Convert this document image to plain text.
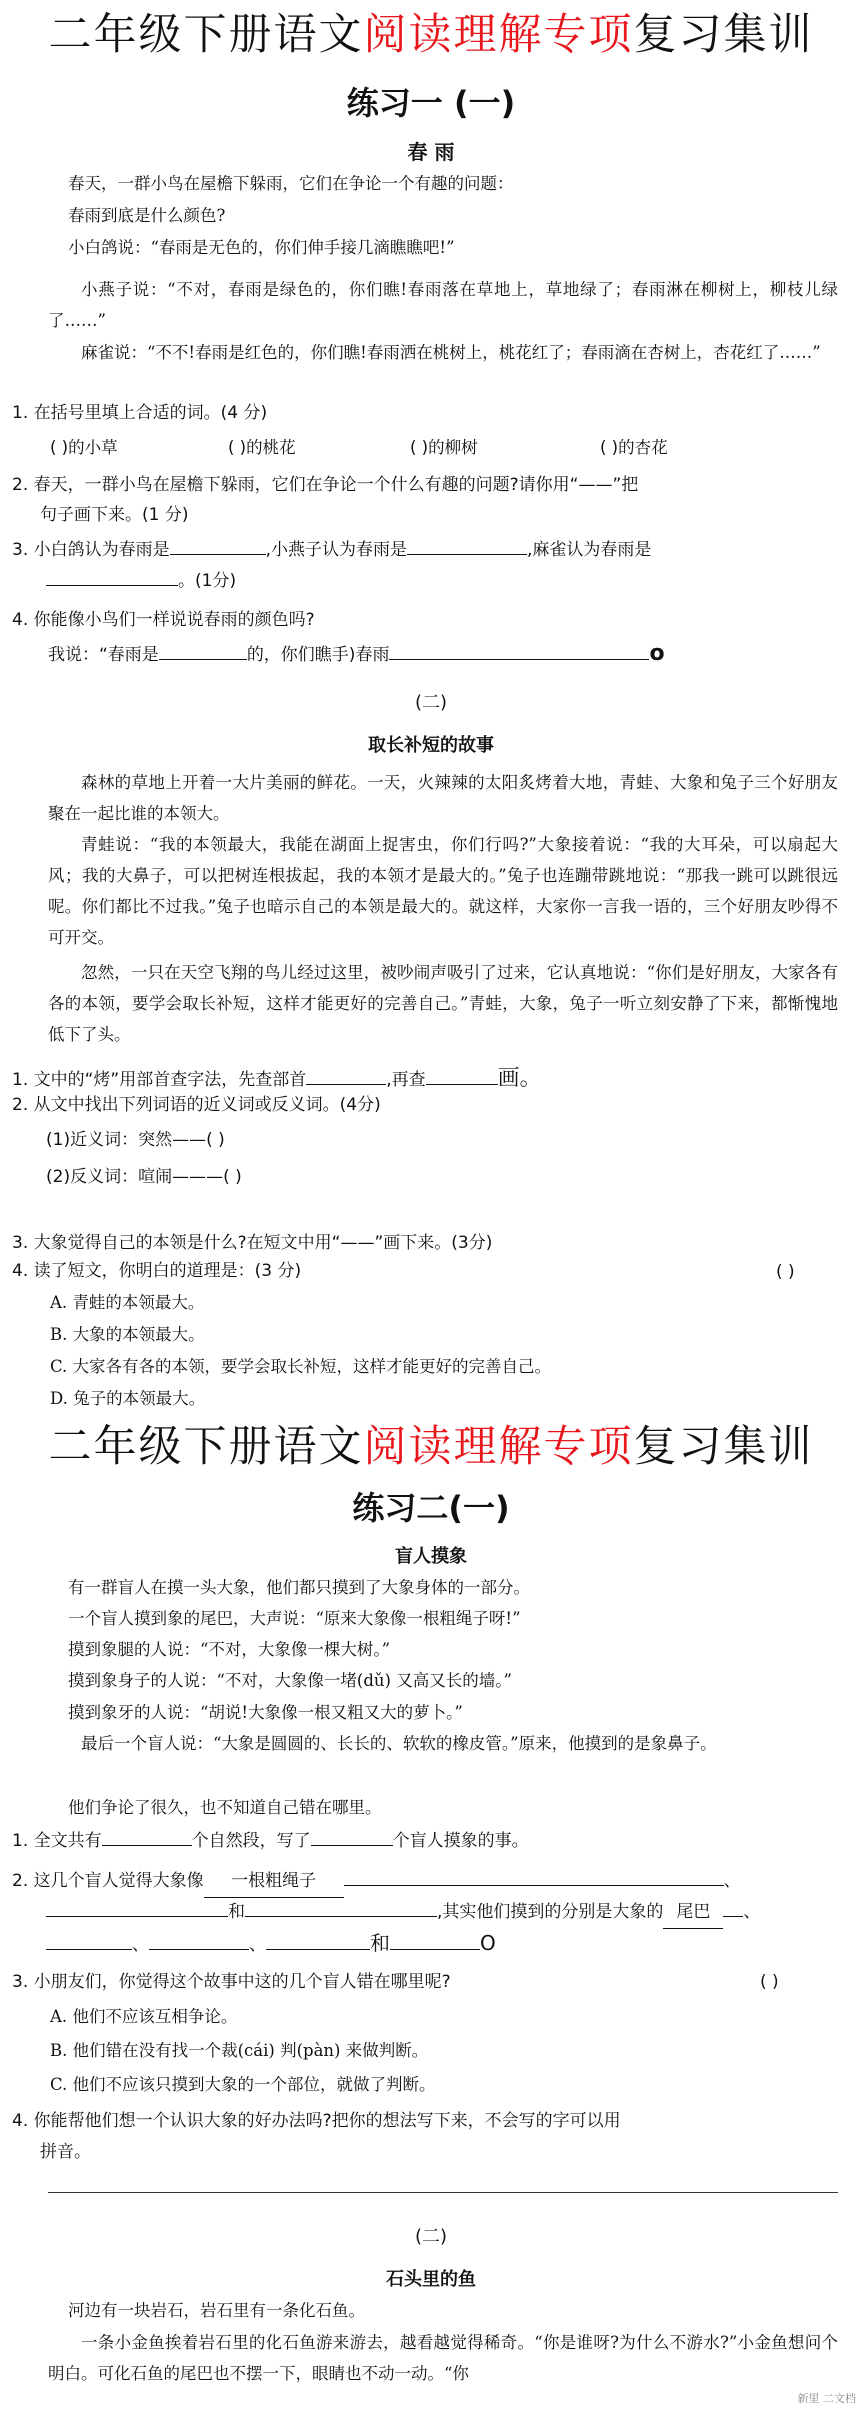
二年级下册语文阅读理解专项复习集训
练习一 (一)
春 雨
春天，一群小鸟在屋檐下躲雨，它们在争论一个有趣的问题：
春雨到底是什么颜色?
小白鸽说：“春雨是无色的，你们伸手接几滴瞧瞧吧!”
小燕子说：“不对，春雨是绿色的，你们瞧!春雨落在草地上，草地绿了；春雨淋在柳树上，柳枝儿绿了……”
麻雀说：“不不!春雨是红色的，你们瞧!春雨洒在桃树上，桃花红了；春雨滴在杏树上，杏花红了……”
1. 在括号里填上合适的词。(4 分)
( )的小草	( )的桃花	( )的柳树	( )的杏花
2. 春天，一群小鸟在屋檐下躲雨，它们在争论一个什么有趣的问题?请你用“——”把
句子画下来。(1 分)
3. 小白鸽认为春雨是	,小燕子认为春雨是	,麻雀认为春雨是
。(1分)
4. 你能像小鸟们一样说说春雨的颜色吗?
我说：“春雨是	的，你们瞧手)春雨	o
(二)
取长补短的故事
森林的草地上开着一大片美丽的鲜花。一天，火辣辣的太阳炙烤着大地，青蛙、大象和兔子三个好朋友聚在一起比谁的本领大。
青蛙说：“我的本领最大，我能在湖面上捉害虫，你们行吗?”大象接着说：“我的大耳朵，可以扇起大风；我的大鼻子，可以把树连根拔起，我的本领才是最大的。”兔子也连蹦带跳地说：“那我一跳可以跳很远呢。你们都比不过我。”兔子也暗示自己的本领是最大的。就这样，大家你一言我一语的，三个好朋友吵得不可开交。
忽然，一只在天空飞翔的鸟儿经过这里，被吵闹声吸引了过来，它认真地说：“你们是好朋友，大家各有各的本领，要学会取长补短，这样才能更好的完善自己。”青蛙，大象，兔子一听立刻安静了下来，都惭愧地低下了头。
1. 文中的“烤”用部首查字法，先查部首	,再查	画。
2. 从文中找出下列词语的近义词或反义词。(4分)
(1)近义词：突然——( )
(2)反义词：喧闹———( )
3. 大象觉得自己的本领是什么?在短文中用“——”画下来。(3分)
4. 读了短文，你明白的道理是：(3 分)	( )
A. 青蛙的本领最大。
B. 大象的本领最大。
C. 大家各有各的本领，要学会取长补短，这样才能更好的完善自己。
D. 兔子的本领最大。
二年级下册语文阅读理解专项复习集训
练习二(一)
盲人摸象
有一群盲人在摸一头大象，他们都只摸到了大象身体的一部分。
一个盲人摸到象的尾巴，大声说：“原来大象像一根粗绳子呀!”
摸到象腿的人说：“不对，大象像一棵大树。”
摸到象身子的人说：“不对，大象像一堵(dǔ) 又高又长的墙。”
摸到象牙的人说：“胡说!大象像一根又粗又大的萝卜。”
最后一个盲人说：“大象是圆圆的、长长的、软软的橡皮管。”原来，他摸到的是象鼻子。
他们争论了很久，也不知道自己错在哪里。
1. 全文共有	个自然段，写了	个盲人摸象的事。
2. 这几个盲人觉得大象像 一根粗绳子	、
和	,其实他们摸到的分别是大象的 尾巴 、
、	、	和	O
3. 小朋友们，你觉得这个故事中这的几个盲人错在哪里呢?	( )
A. 他们不应该互相争论。
B. 他们错在没有找一个裁(cái) 判(pàn) 来做判断。
C. 他们不应该只摸到大象的一个部位，就做了判断。
4. 你能帮他们想一个认识大象的好办法吗?把你的想法写下来，不会写的字可以用
拼音。
(二)
石头里的鱼
河边有一块岩石，岩石里有一条化石鱼。
一条小金鱼挨着岩石里的化石鱼游来游去，越看越觉得稀奇。“你是谁呀?为什么不游水?”小金鱼想问个明白。可化石鱼的尾巴也不摆一下，眼睛也不动一动。“你
新里 二文档
